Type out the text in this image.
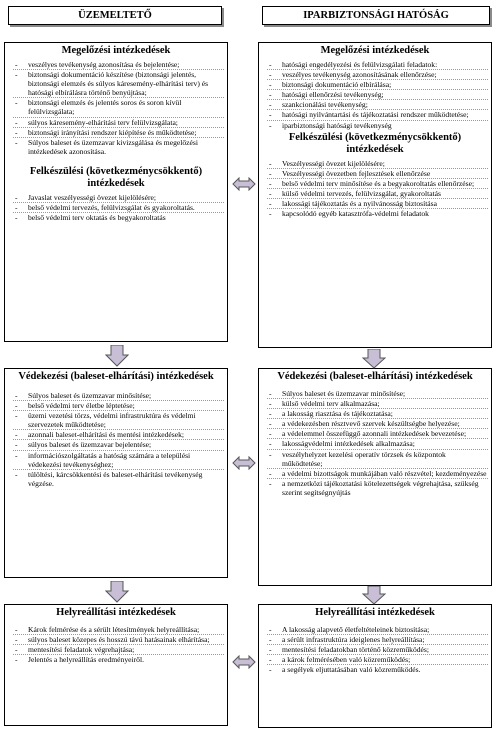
ÜZEMELTETŐ	IPARBIZTONSÁGI HATÓSÁG
Megelőzési intézkedések
- veszélyes tevékenység azonosítása és bejelentése;
- biztonsági dokumentáció készítése (biztonsági jelentés, biztonsági elemzés és súlyos káresemény-elhárítási terv) és hatósági elbírálásra történő benyújtása;
- biztonsági elemzés és jelentés soros és soron kívül felülvizsgálata;
- súlyos káresemény-elhárítási terv felülvizsgálata;
- biztonsági irányítási rendszer kiépítése és működtetése;
- Súlyos baleset és üzemzavar kivizsgálása és megelőzési intézkedések azonosítása.
Felkészülési (következménycsökkentő) intézkedések
- Javaslat veszélyességi övezet kijelölésére;
- belső védelmi tervezés, felülvizsgálat és gyakoroltatás.
- belső védelmi terv oktatás és begyakoroltatás
Megelőzési intézkedések
- hatósági engedélyezési és felülvizsgálati feladatok:
- veszélyes tevékenység azonosításának ellenőrzése;
- biztonsági dokumentáció elbírálása;
- hatósági ellenőrzési tevékenység;
- szankcionálási tevékenység;
- hatósági nyilvántartási és tájékoztatási rendszer működtetése;
- iparbiztonsági hatósági tevékenység
Felkészülési (következménycsökkentő) intézkedések
- Veszélyességi övezet kijelölésére;
- Veszélyességi övezetben fejlesztések ellenőrzése
- belső védelmi terv minősítése és a begyakoroltatás ellenőrzése;
- külső védelmi tervezés, felülvizsgálat, gyakoroltatás
- lakossági tájékoztatás és a nyilvánosság biztosítása
- kapcsolódó egyéb katasztrófa-védelmi feladatok
Védekezési (baleset-elhárítási) intézkedések
- Súlyos baleset és üzemzavar minősítése;
- belső védelmi terv életbe léptetése;
- üzemi vezetési törzs, védelmi infrastruktúra és védelmi szervezetek működtetése;
- azonnali baleset-elhárítási és mentési intézkedések;
- súlyos baleset és üzemzavar bejelentése;
- információszolgáltatás a hatóság számára a települési védekezési tevékenységhez;
- túlöltési, kárcsökkentési és baleset-elhárítási tevékenység végzése.
Védekezési (baleset-elhárítási) intézkedések
- Súlyos baleset és üzemzavar minősítése;
- külső védelmi terv alkalmazása;
- a lakosság riasztása és tájékoztatása;
- a védekezésben résztvevő szervek készültségbe helyezése;
- a védelemmel összefüggő azonnali intézkedések bevezetése;
- lakosságvédelmi intézkedések alkalmazása;
- veszélyhelyzet kezelési operatív törzsek és központok működtetése;
- a védelmi bizottságok munkájában való részvétel; kezdeményezése
- a nemzetközi tájékoztatási kötelezettségek végrehajtása, szükség szerint segítségnyújtás
Helyreállítási intézkedések
- Károk felmérése és a sérült létesítmények helyreállítása;
- súlyos baleset közepes és hosszú távú hatásainak elhárítása;
- mentesítési feladatok végrehajtása;
- Jelentés a helyreállítás eredményeiről.
Helyreállítási intézkedések
- A lakosság alapvető életfeltételeinek biztosítása;
- a sérült infrastruktúra ideiglenes helyreállítása;
- mentesítési feladatokban történő közreműködés;
- a károk felmérésében való közreműködés;
- a segélyek eljuttatásában való közreműködés.
